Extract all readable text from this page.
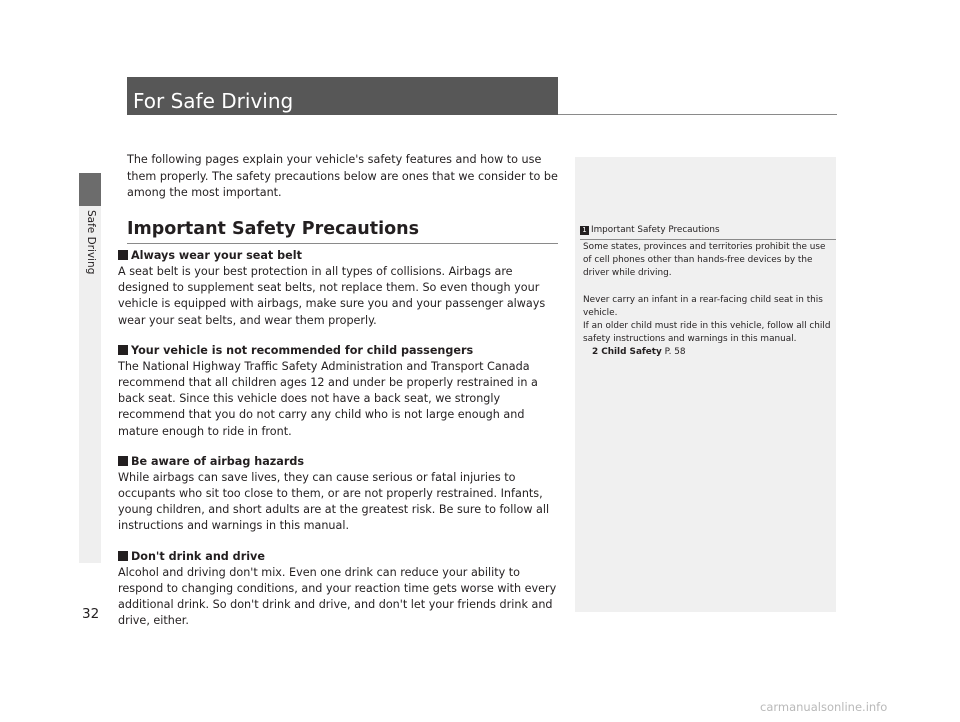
Safe Driving
32
For Safe Driving

The following pages explain your vehicle's safety features and how to use them properly. The safety precautions below are ones that we consider to be among the most important.

Important Safety Precautions
Always wear your seat belt

A seat belt is your best protection in all types of collisions. Airbags are designed to supplement seat belts, not replace them. So even though your vehicle is equipped with airbags, make sure you and your passenger always wear your seat belts, and wear them properly.

Your vehicle is not recommended for child passengers

The National Highway Traffic Safety Administration and Transport Canada recommend that all children ages 12 and under be properly restrained in a back seat. Since this vehicle does not have a back seat, we strongly recommend that you do not carry any child who is not large enough and mature enough to ride in front.

Be aware of airbag hazards

While airbags can save lives, they can cause serious or fatal injuries to occupants who sit too close to them, or are not properly restrained. Infants, young children, and short adults are at the greatest risk. Be sure to follow all instructions and warnings in this manual.

Don't drink and drive

Alcohol and driving don't mix. Even one drink can reduce your ability to respond to changing conditions, and your reaction time gets worse with every additional drink. So don't drink and drive, and don't let your friends drink and drive, either.

1 Important Safety Precautions

Some states, provinces and territories prohibit the use of cell phones other than hands-free devices by the driver while driving.

Never carry an infant in a rear-facing child seat in this vehicle.

If an older child must ride in this vehicle, follow all child safety instructions and warnings in this manual.

2 Child Safety P. 58
carmanualsonline.info
